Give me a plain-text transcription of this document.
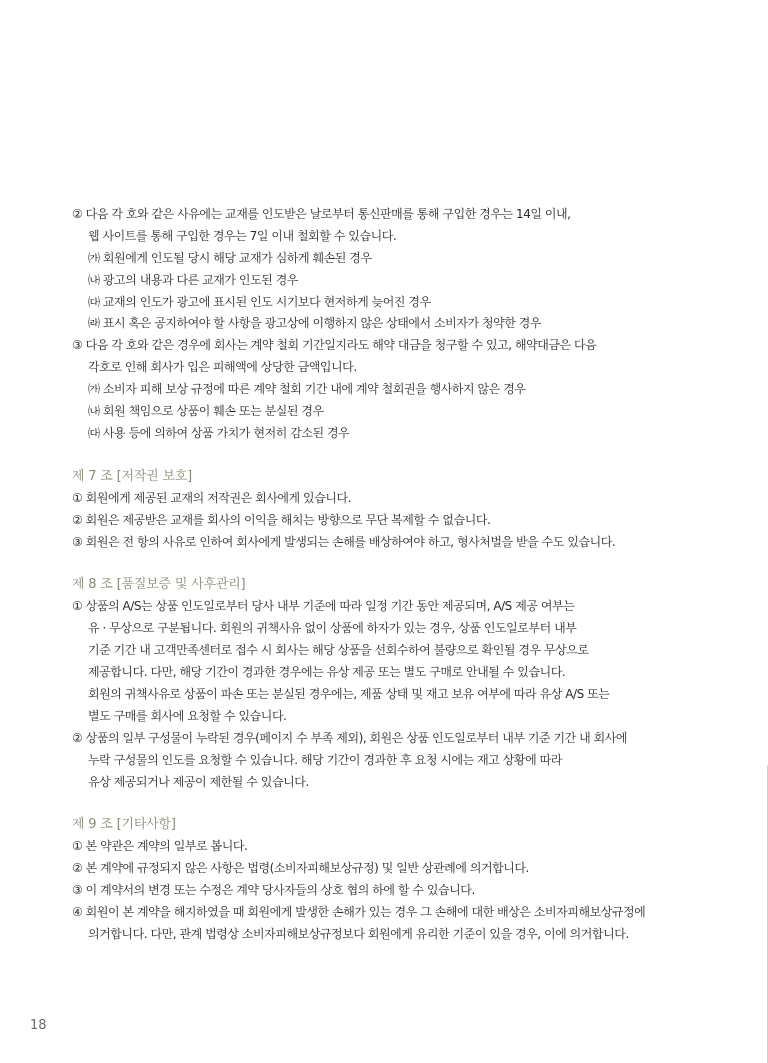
② 다음 각 호와 같은 사유에는 교재를 인도받은 날로부터 통신판매를 통해 구입한 경우는 14일 이내,
웹 사이트를 통해 구입한 경우는 7일 이내 철회할 수 있습니다.
㈎ 회원에게 인도될 당시 해당 교재가 심하게 훼손된 경우
㈏ 광고의 내용과 다른 교재가 인도된 경우
㈐ 교재의 인도가 광고에 표시된 인도 시기보다 현저하게 늦어진 경우
㈑ 표시 혹은 공지하여야 할 사항을 광고상에 이행하지 않은 상태에서 소비자가 청약한 경우
③ 다음 각 호와 같은 경우에 회사는 계약 철회 기간일지라도 해약 대금을 청구할 수 있고, 해약대금은 다음
각호로 인해 회사가 입은 피해액에 상당한 금액입니다.
㈎ 소비자 피해 보상 규정에 따른 계약 철회 기간 내에 계약 철회권을 행사하지 않은 경우
㈏ 회원 책임으로 상품이 훼손 또는 분실된 경우
㈐ 사용 등에 의하여 상품 가치가 현저히 감소된 경우
제 7 조 [저작권 보호]
① 회원에게 제공된 교재의 저작권은 회사에게 있습니다.
② 회원은 제공받은 교재를 회사의 이익을 해치는 방향으로 무단 복제할 수 없습니다.
③ 회원은 전 항의 사유로 인하여 회사에게 발생되는 손해를 배상하여야 하고, 형사처벌을 받을 수도 있습니다.
제 8 조 [품질보증 및 사후관리]
① 상품의 A/S는 상품 인도일로부터 당사 내부 기준에 따라 일정 기간 동안 제공되며, A/S 제공 여부는
유 · 무상으로 구분됩니다. 회원의 귀책사유 없이 상품에 하자가 있는 경우, 상품 인도일로부터 내부
기준 기간 내 고객만족센터로 접수 시 회사는 해당 상품을 선회수하여 불량으로 확인될 경우 무상으로
제공합니다. 다만, 해당 기간이 경과한 경우에는 유상 제공 또는 별도 구매로 안내될 수 있습니다.
회원의 귀책사유로 상품이 파손 또는 분실된 경우에는, 제품 상태 및 재고 보유 여부에 따라 유상 A/S 또는
별도 구매를 회사에 요청할 수 있습니다.
② 상품의 일부 구성물이 누락된 경우(페이지 수 부족 제외), 회원은 상품 인도일로부터 내부 기준 기간 내 회사에
누락 구성물의 인도를 요청할 수 있습니다. 해당 기간이 경과한 후 요청 시에는 재고 상황에 따라
유상 제공되거나 제공이 제한될 수 있습니다.
제 9 조 [기타사항]
① 본 약관은 계약의 일부로 봅니다.
② 본 계약에 규정되지 않은 사항은 법령(소비자피해보상규정) 및 일반 상관례에 의거합니다.
③ 이 계약서의 변경 또는 수정은 계약 당사자들의 상호 협의 하에 할 수 있습니다.
④ 회원이 본 계약을 해지하였을 때 회원에게 발생한 손해가 있는 경우 그 손해에 대한 배상은 소비자피해보상규정에
의거합니다. 다만, 관계 법령상 소비자피해보상규정보다 회원에게 유리한 기준이 있을 경우, 이에 의거합니다.
18
